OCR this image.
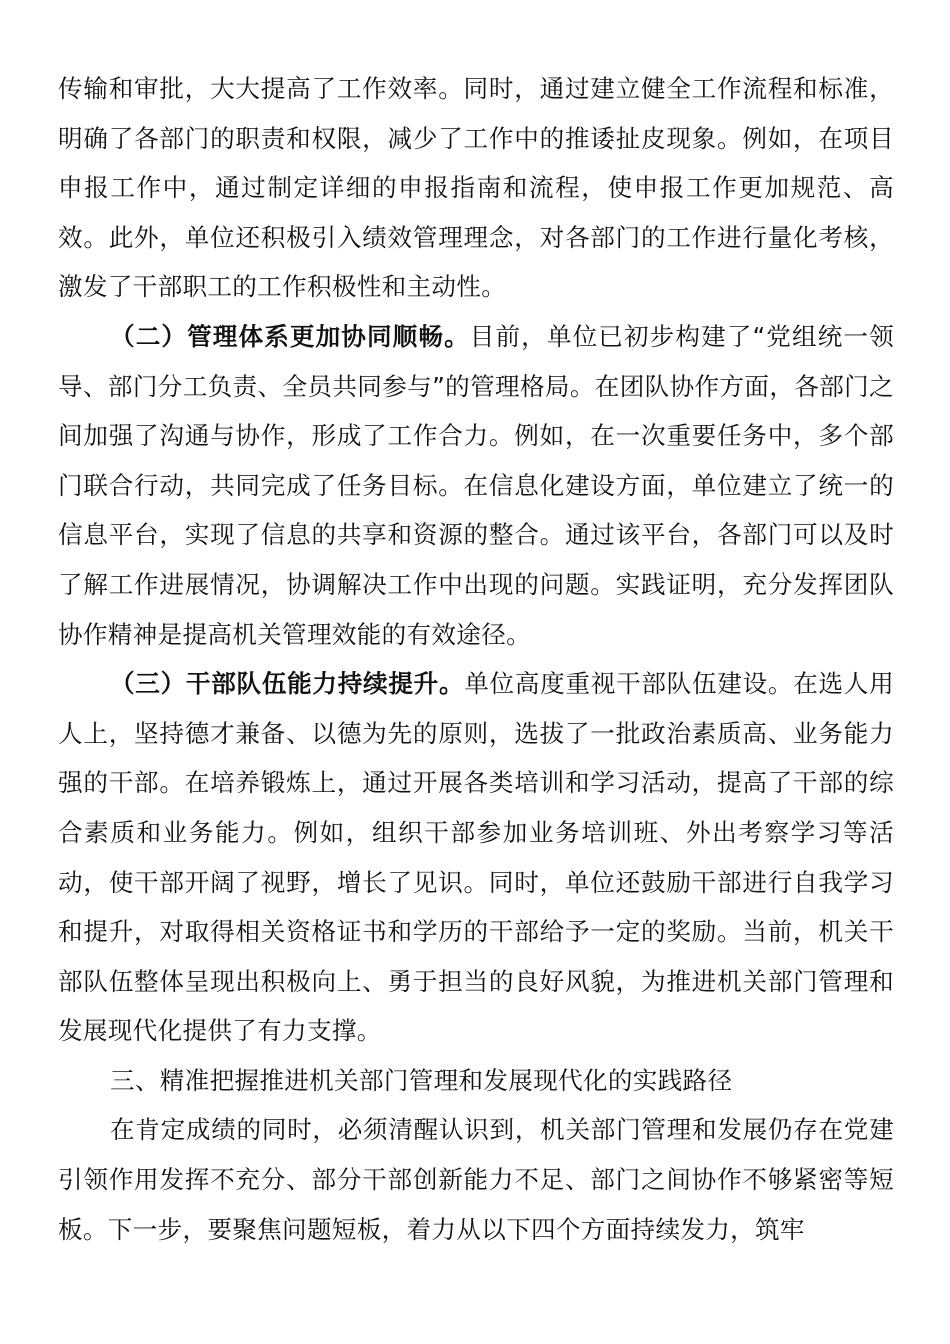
传输和审批，大大提高了工作效率。同时，通过建立健全工作流程和标准，明确了各部门的职责和权限，减少了工作中的推诿扯皮现象。例如，在项目申报工作中，通过制定详细的申报指南和流程，使申报工作更加规范、高效。此外，单位还积极引入绩效管理理念，对各部门的工作进行量化考核，激发了干部职工的工作积极性和主动性。

（二）管理体系更加协同顺畅。目前，单位已初步构建了“党组统一领导、部门分工负责、全员共同参与”的管理格局。在团队协作方面，各部门之间加强了沟通与协作，形成了工作合力。例如，在一次重要任务中，多个部门联合行动，共同完成了任务目标。在信息化建设方面，单位建立了统一的信息平台，实现了信息的共享和资源的整合。通过该平台，各部门可以及时了解工作进展情况，协调解决工作中出现的问题。实践证明，充分发挥团队协作精神是提高机关管理效能的有效途径。

（三）干部队伍能力持续提升。单位高度重视干部队伍建设。在选人用人上，坚持德才兼备、以德为先的原则，选拔了一批政治素质高、业务能力强的干部。在培养锻炼上，通过开展各类培训和学习活动，提高了干部的综合素质和业务能力。例如，组织干部参加业务培训班、外出考察学习等活动，使干部开阔了视野，增长了见识。同时，单位还鼓励干部进行自我学习和提升，对取得相关资格证书和学历的干部给予一定的奖励。当前，机关干部队伍整体呈现出积极向上、勇于担当的良好风貌，为推进机关部门管理和发展现代化提供了有力支撑。

三、精准把握推进机关部门管理和发展现代化的实践路径

在肯定成绩的同时，必须清醒认识到，机关部门管理和发展仍存在党建引领作用发挥不充分、部分干部创新能力不足、部门之间协作不够紧密等短板。下一步，要聚焦问题短板，着力从以下四个方面持续发力，筑牢
